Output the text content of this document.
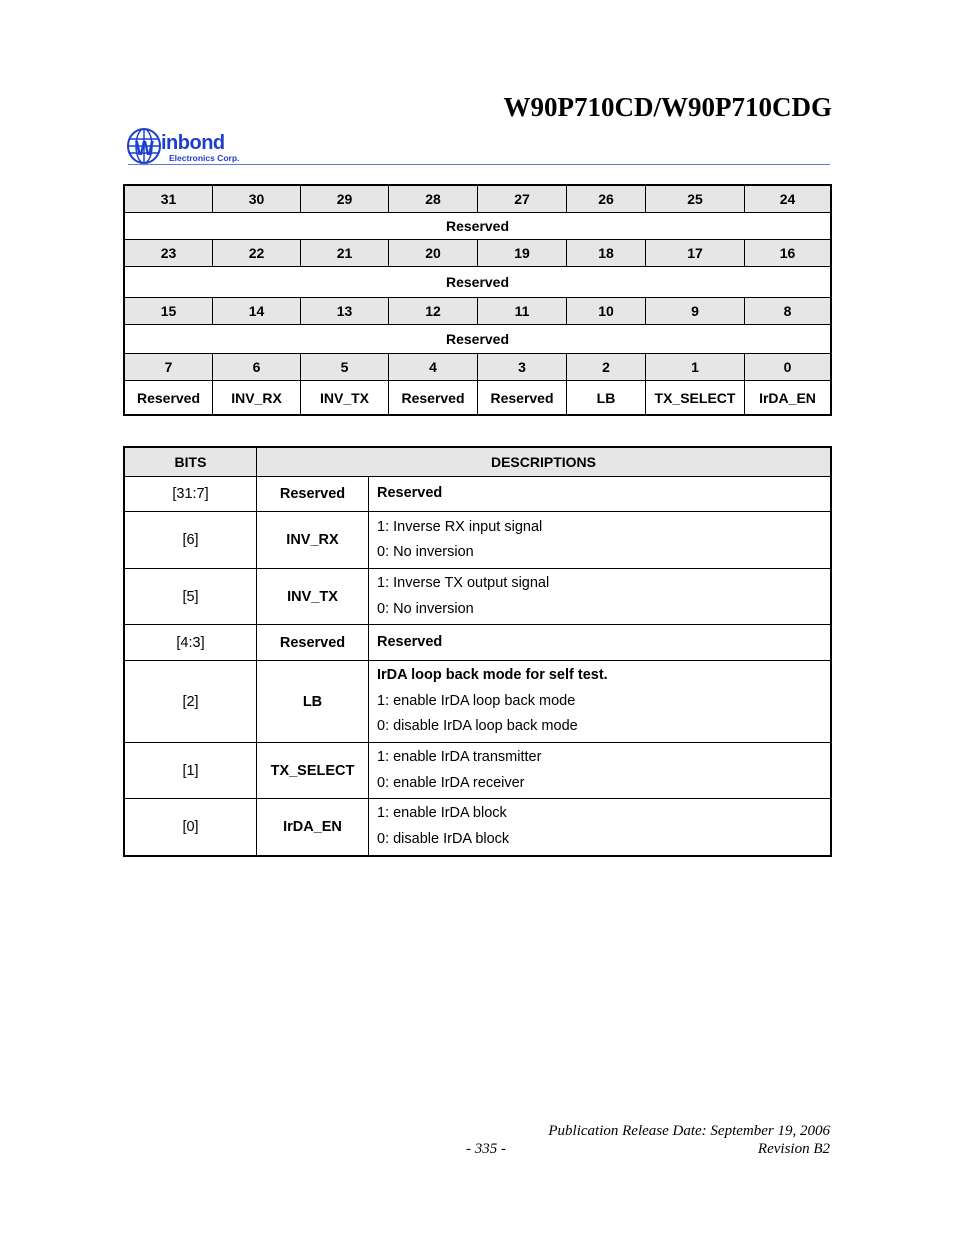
W90P710CD/W90P710CDG
W inbond
Electronics Corp.
31	30	29	28	27	26	25	24
Reserved							
23	22	21	20	19	18	17	16
Reserved							
15	14	13	12	11	10	9	8
Reserved							
7	6	5	4	3	2	1	0
Reserved	INV_RX	INV_TX	Reserved	Reserved	LB	TX_SELECT	IrDA_EN
BITS	DESCRIPTIONS	
[31:7]	Reserved	Reserved

[6]	INV_RX	1: Inverse RX input signal
0: No inversion

[5]	INV_TX	1: Inverse TX output signal
0: No inversion

[4:3]	Reserved	Reserved

[2]	LB	IrDA loop back mode for self test.
1: enable IrDA loop back mode
0: disable IrDA loop back mode

[1]	TX_SELECT	1: enable IrDA transmitter
0: enable IrDA receiver

[0]	IrDA_EN	1: enable IrDA block
0: disable IrDA block
Publication Release Date: September 19, 2006
- 335 -	Revision B2
